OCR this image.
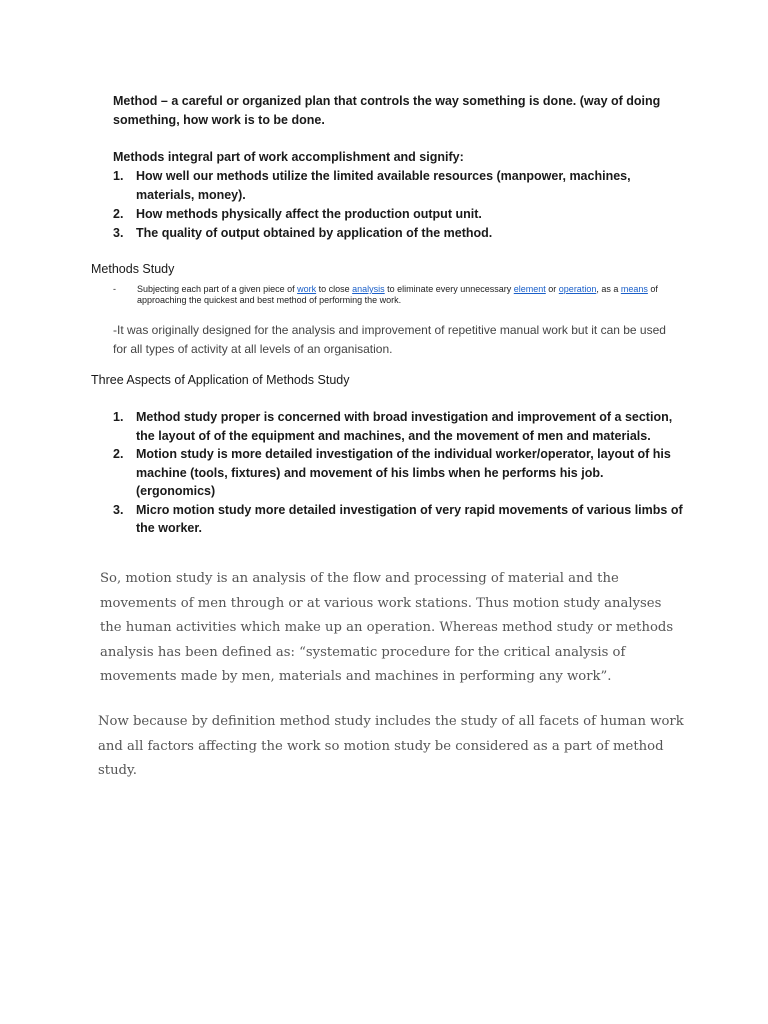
Method – a careful or organized plan that controls the way something is done. (way of doing something, how work is to be done.

Methods integral part of work accomplishment and signify:

1. How well our methods utilize the limited available resources (manpower, machines, materials, money).
2. How methods physically affect the production output unit.
3. The quality of output obtained by application of the method.
Methods Study
-	Subjecting each part of a given piece of work to close analysis to eliminate every unnecessary element or operation, as a means of approaching the quickest and best method of performing the work.

-It was originally designed for the analysis and improvement of repetitive manual work but it can be used for all types of activity at all levels of an organisation.

Three Aspects of Application of Methods Study
1. Method study proper is concerned with broad investigation and improvement of a section, the layout of of the equipment and machines, and the movement of men and materials.
2. Motion study is more detailed investigation of the individual worker/operator, layout of his machine (tools, fixtures) and movement of his limbs when he performs his job. (ergonomics)
3. Micro motion study more detailed investigation of very rapid movements of various limbs of the worker.

So, motion study is an analysis of the flow and processing of material and the movements of men through or at various work stations. Thus motion study analyses the human activities which make up an operation. Whereas method study or methods analysis has been defined as: “systematic procedure for the critical analysis of movements made by men, materials and machines in performing any work”.

Now because by definition method study includes the study of all facets of human work and all factors affecting the work so motion study be considered as a part of method study.
